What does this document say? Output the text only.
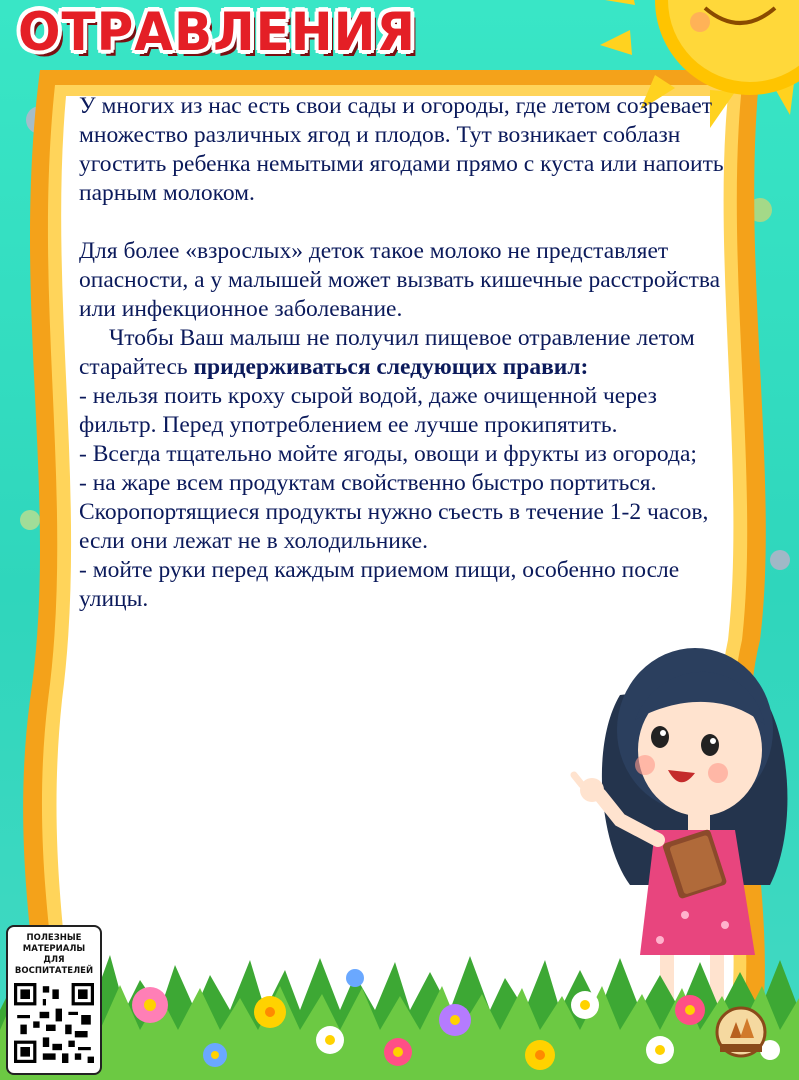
ОТРАВЛЕНИЯ

У многих из нас есть свои сады и огороды, где летом созревает множество различных ягод и плодов. Тут возникает соблазн угостить ребенка немытыми ягодами прямо с куста или напоить парным молоком.

Для более «взрослых» деток такое молоко не представляет опасности, а у малышей может вызвать кишечные расстройства или инфекционное заболевание.

Чтобы Ваш малыш не получил пищевое отравление летом старайтесь придерживаться следующих правил:

- нельзя поить кроху сырой водой, даже очищенной через фильтр. Перед употреблением ее лучше прокипятить.

- Всегда тщательно мойте ягоды, овощи и фрукты из огорода;

- на жаре всем продуктам свойственно быстро портиться. Скоропортящиеся продукты нужно съесть в течение 1-2 часов, если они лежат не в холодильнике.

- мойте руки перед каждым приемом пищи, особенно после улицы.

ПОЛЕЗНЫЕ МАТЕРИАЛЫ ДЛЯ ВОСПИТАТЕЛЕЙ
